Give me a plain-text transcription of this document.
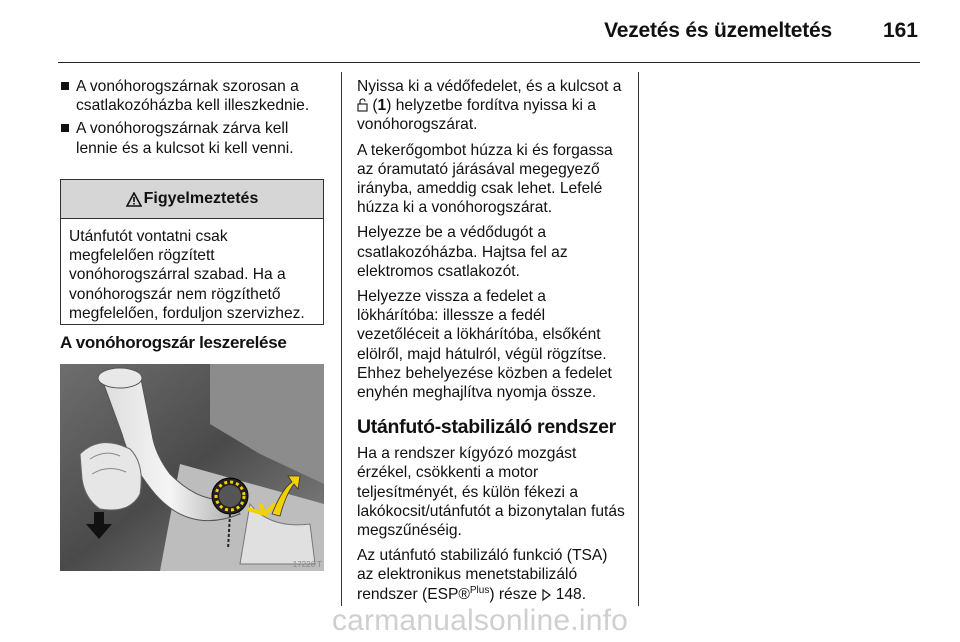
Vezetés és üzemeltetés 161
A vonóhorogszárnak szorosan a csatlakozóházba kell illeszkednie.
A vonóhorogszárnak zárva kell lennie és a kulcsot ki kell venni.
Figyelmeztetés
Utánfutót vontatni csak megfelelően rögzített vonóhorogszárral szabad. Ha a vonóhorogszár nem rögzíthető megfelelően, forduljon szervizhez.
A vonóhorogszár leszerelése
17226 T

Nyissa ki a védőfedelet, és a kulcsot a  (1) helyzetbe fordítva nyissa ki a vonóhorogszárat.

A tekerőgombot húzza ki és forgassa az óramutató járásával megegyező irányba, ameddig csak lehet. Lefelé húzza ki a vonóhorogszárat.

Helyezze be a védődugót a csatlakozóházba. Hajtsa fel az elektromos csatlakozót.

Helyezze vissza a fedelet a lökhárítóba: illessze a fedél vezetőléceit a lökhárítóba, elsőként elölről, majd hátulról, végül rögzítse. Ehhez behelyezése közben a fedelet enyhén meghajlítva nyomja össze.

Utánfutó-stabilizáló rendszer

Ha a rendszer kígyózó mozgást érzékel, csökkenti a motor teljesítményét, és külön fékezi a lakókocsit/utánfutót a bizonytalan futás megszűnéséig.

Az utánfutó stabilizáló funkció (TSA) az elektronikus menetstabilizáló rendszer (ESP®$^{Plus}$) része  148.

carmanualsonline.info
